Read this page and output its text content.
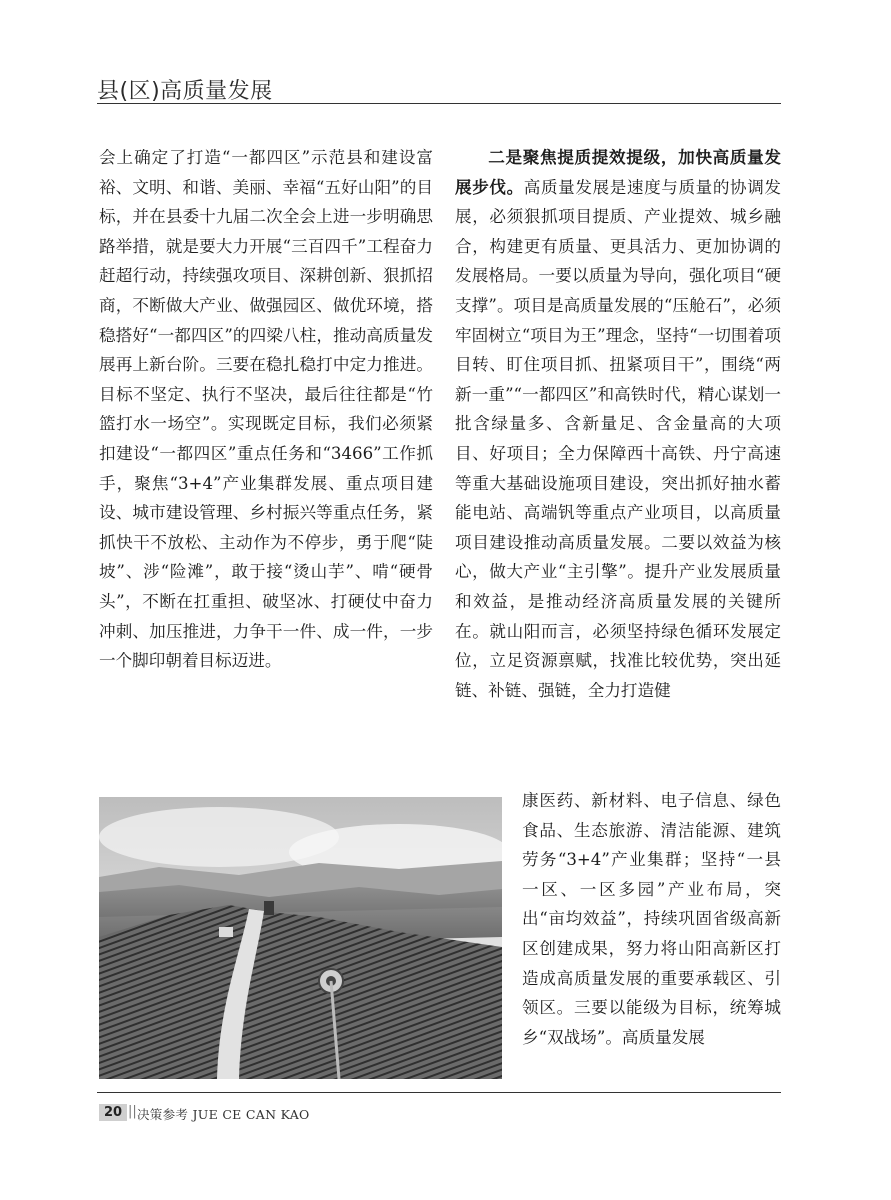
县(区)高质量发展

会上确定了打造“一都四区”示范县和建设富裕、文明、和谐、美丽、幸福“五好山阳”的目标，并在县委十九届二次全会上进一步明确思路举措，就是要大力开展“三百四千”工程奋力赶超行动，持续强攻项目、深耕创新、狠抓招商，不断做大产业、做强园区、做优环境，搭稳搭好“一都四区”的四梁八柱，推动高质量发展再上新台阶。三要在稳扎稳打中定力推进。目标不坚定、执行不坚决，最后往往都是“竹篮打水一场空”。实现既定目标，我们必须紧扣建设“一都四区”重点任务和“3466”工作抓手，聚焦“3+4”产业集群发展、重点项目建设、城市建设管理、乡村振兴等重点任务，紧抓快干不放松、主动作为不停步，勇于爬“陡坡”、涉“险滩”，敢于接“烫山芋”、啃“硬骨头”，不断在扛重担、破坚冰、打硬仗中奋力冲刺、加压推进，力争干一件、成一件，一步一个脚印朝着目标迈进。

二是聚焦提质提效提级，加快高质量发展步伐。高质量发展是速度与质量的协调发展，必须狠抓项目提质、产业提效、城乡融合，构建更有质量、更具活力、更加协调的发展格局。一要以质量为导向，强化项目“硬支撑”。项目是高质量发展的“压舱石”，必须牢固树立“项目为王”理念，坚持“一切围着项目转、盯住项目抓、扭紧项目干”，围绕“两新一重”“一都四区”和高铁时代，精心谋划一批含绿量多、含新量足、含金量高的大项目、好项目；全力保障西十高铁、丹宁高速等重大基础设施项目建设，突出抓好抽水蓄能电站、高端钒等重点产业项目，以高质量项目建设推动高质量发展。二要以效益为核心，做大产业“主引擎”。提升产业发展质量和效益，是推动经济高质量发展的关键所在。就山阳而言，必须坚持绿色循环发展定位，立足资源禀赋，找准比较优势，突出延链、补链、强链，全力打造健

康医药、新材料、电子信息、绿色食品、生态旅游、清洁能源、建筑劳务“3+4”产业集群；坚持“一县一区、一区多园”产业布局，突出“亩均效益”，持续巩固省级高新区创建成果，努力将山阳高新区打造成高质量发展的重要承载区、引领区。三要以能级为目标，统筹城乡“双战场”。高质量发展

20 || 决策参考 JUE CE CAN KAO
